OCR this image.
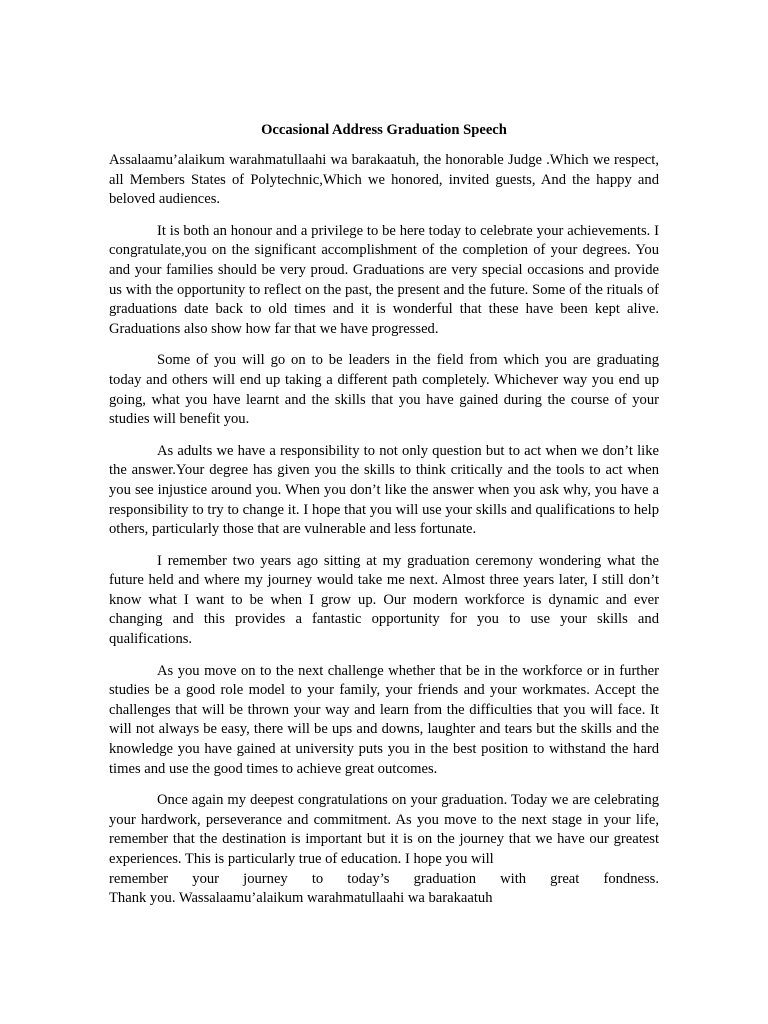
Occasional Address Graduation Speech

Assalaamu’alaikum warahmatullaahi wa barakaatuh, the honorable Judge .Which we respect, all Members States of Polytechnic,Which we honored, invited guests, And the happy and beloved audiences.

It is both an honour and a privilege to be here today to celebrate your achievements. I congratulate,you on the significant accomplishment of the completion of your degrees. You and your families should be very proud. Graduations are very special occasions and provide us with the opportunity to reflect on the past, the present and the future. Some of the rituals of graduations date back to old times and it is wonderful that these have been kept alive. Graduations also show how far that we have progressed.

Some of you will go on to be leaders in the field from which you are graduating today and others will end up taking a different path completely. Whichever way you end up going, what you have learnt and the skills that you have gained during the course of your studies will benefit you.

As adults we have a responsibility to not only question but to act when we don’t like the answer.Your degree has given you the skills to think critically and the tools to act when you see injustice around you. When you don’t like the answer when you ask why, you have a responsibility to try to change it. I hope that you will use your skills and qualifications to help others, particularly those that are vulnerable and less fortunate.

I remember two years ago sitting at my graduation ceremony wondering what the future held and where my journey would take me next. Almost three years later, I still don’t know what I want to be when I grow up. Our modern workforce is dynamic and ever changing and this provides a fantastic opportunity for you to use your skills and qualifications.

As you move on to the next challenge whether that be in the workforce or in further studies be a good role model to your family, your friends and your workmates. Accept the challenges that will be thrown your way and learn from the difficulties that you will face. It will not always be easy, there will be ups and downs, laughter and tears but the skills and the knowledge you have gained at university puts you in the best position to withstand the hard times and use the good times to achieve great outcomes.

Once again my deepest congratulations on your graduation. Today we are celebrating your hardwork, perseverance and commitment. As you move to the next stage in your life, remember that the destination is important but it is on the journey that we have our greatest experiences. This is particularly true of education. I hope you will
remember your journey to today’s graduation with great fondness.
Thank you. Wassalaamu’alaikum warahmatullaahi wa barakaatuh
